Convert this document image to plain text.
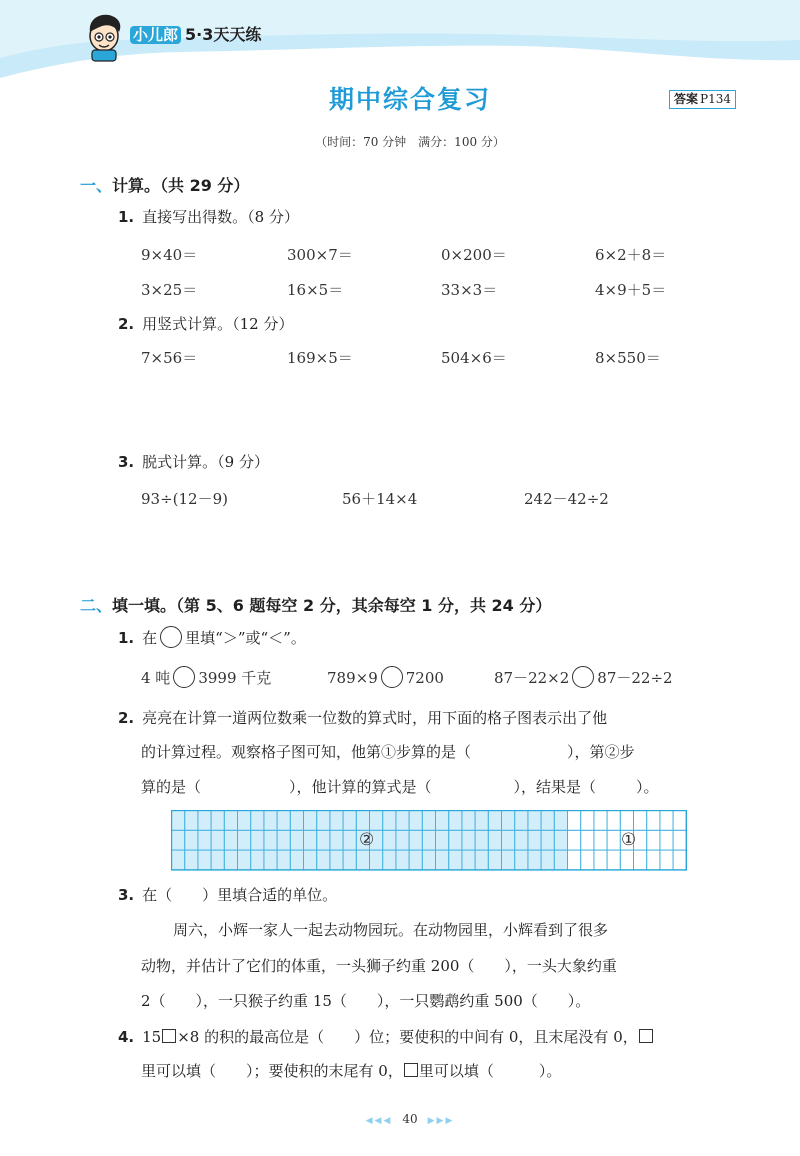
小儿郎 5·3天天练
期中综合复习	答案 P134
（时间：70 分钟　满分：100 分）
一、计算。（共 29 分）
1. 直接写出得数。（8 分）
9×40＝	300×7＝	0×200＝	6×2＋8＝
3×25＝	16×5＝	33×3＝	4×9＋5＝
2. 用竖式计算。（12 分）
7×56＝	169×5＝	504×6＝	8×550＝
3. 脱式计算。（9 分）
93÷(12－9)	56＋14×4	242－42÷2
二、填一填。（第 5、6 题每空 2 分，其余每空 1 分，共 24 分）
1. 在 里填“＞”或“＜”。
4 吨 3999 千克	789×9 7200	87－22×2 87－22÷2
2. 亮亮在计算一道两位数乘一位数的算式时，用下面的格子图表示出了他
的计算过程。观察格子图可知，他第①步算的是（	），第②步
算的是（	），他计算的算式是（	），结果是（	）。
②	①
3. 在（　　）里填合适的单位。
周六，小辉一家人一起去动物园玩。在动物园里，小辉看到了很多
动物，并估计了它们的体重，一头狮子约重 200（　　），一头大象约重
2（　　），一只猴子约重 15（　　），一只鹦鹉约重 500（　　）。
4. 15 ×8 的积的最高位是（　　）位；要使积的中间有 0，且末尾没有 0，
里可以填（　　）；要使积的末尾有 0， 里可以填（　　　）。
◀◀◀ 40 ▶▶▶
